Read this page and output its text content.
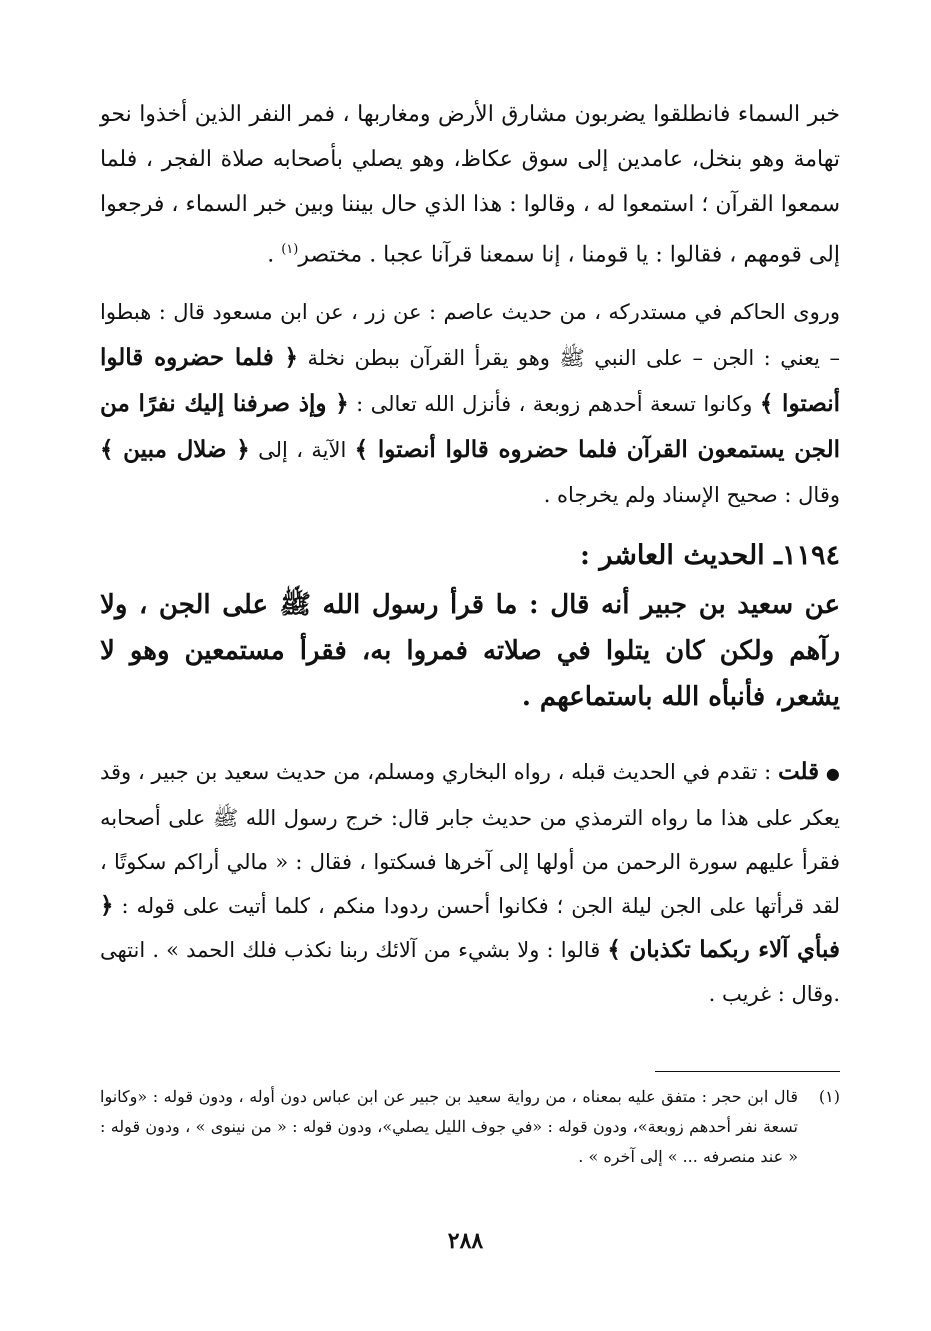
خبر السماء فانطلقوا يضربون مشارق الأرض ومغاربها ، فمر النفر الذين أخذوا نحو تهامة وهو بنخل، عامدين إلى سوق عكاظ، وهو يصلي بأصحابه صلاة الفجر ، فلما سمعوا القرآن ؛ استمعوا له ، وقالوا : هذا الذي حال بيننا وبين خبر السماء ، فرجعوا إلى قومهم ، فقالوا : يا قومنا ، إنا سمعنا قرآنا عجبا . مختصر$^{(١)}$ .
وروى الحاكم في مستدركه ، من حديث عاصم : عن زر ، عن ابن مسعود قال : هبطوا – يعني : الجن – على النبي ﷺ وهو يقرأ القرآن ببطن نخلة ﴿ فلما حضروه قالوا أنصتوا ﴾ وكانوا تسعة أحدهم زوبعة ، فأنزل الله تعالى : ﴿ وإذ صرفنا إليك نفرًا من الجن يستمعون القرآن فلما حضروه قالوا أنصتوا ﴾ الآية ، إلى ﴿ ضلال مبين ﴾ وقال : صحيح الإسناد ولم يخرجاه .
١١٩٤ـ الحديث العاشر :
عن سعيد بن جبير أنه قال : ما قرأ رسول الله ﷺ على الجن ، ولا رآهم ولكن كان يتلوا في صلاته فمروا به، فقرأ مستمعين وهو لا يشعر، فأنبأه الله باستماعهم .
● قلت : تقدم في الحديث قبله ، رواه البخاري ومسلم، من حديث سعيد بن جبير ، وقد يعكر على هذا ما رواه الترمذي من حديث جابر قال: خرج رسول الله ﷺ على أصحابه فقرأ عليهم سورة الرحمن من أولها إلى آخرها فسكتوا ، فقال : « مالي أراكم سكوتًا ، لقد قرأتها على الجن ليلة الجن ؛ فكانوا أحسن ردودا منكم ، كلما أتيت على قوله : ﴿ فبأي آلاء ربكما تكذبان ﴾ قالوا : ولا بشيء من آلائك ربنا نكذب فلك الحمد » . انتهى .وقال : غريب .
(١)
قال ابن حجر : متفق عليه بمعناه ، من رواية سعيد بن جبير عن ابن عباس دون أوله ، ودون قوله : «وكانوا تسعة نفر أحدهم زوبعة»، ودون قوله : «في جوف الليل يصلي»، ودون قوله : « من نينوى » ، ودون قوله : « عند منصرفه ... » إلى آخره » .
٢٨٨
